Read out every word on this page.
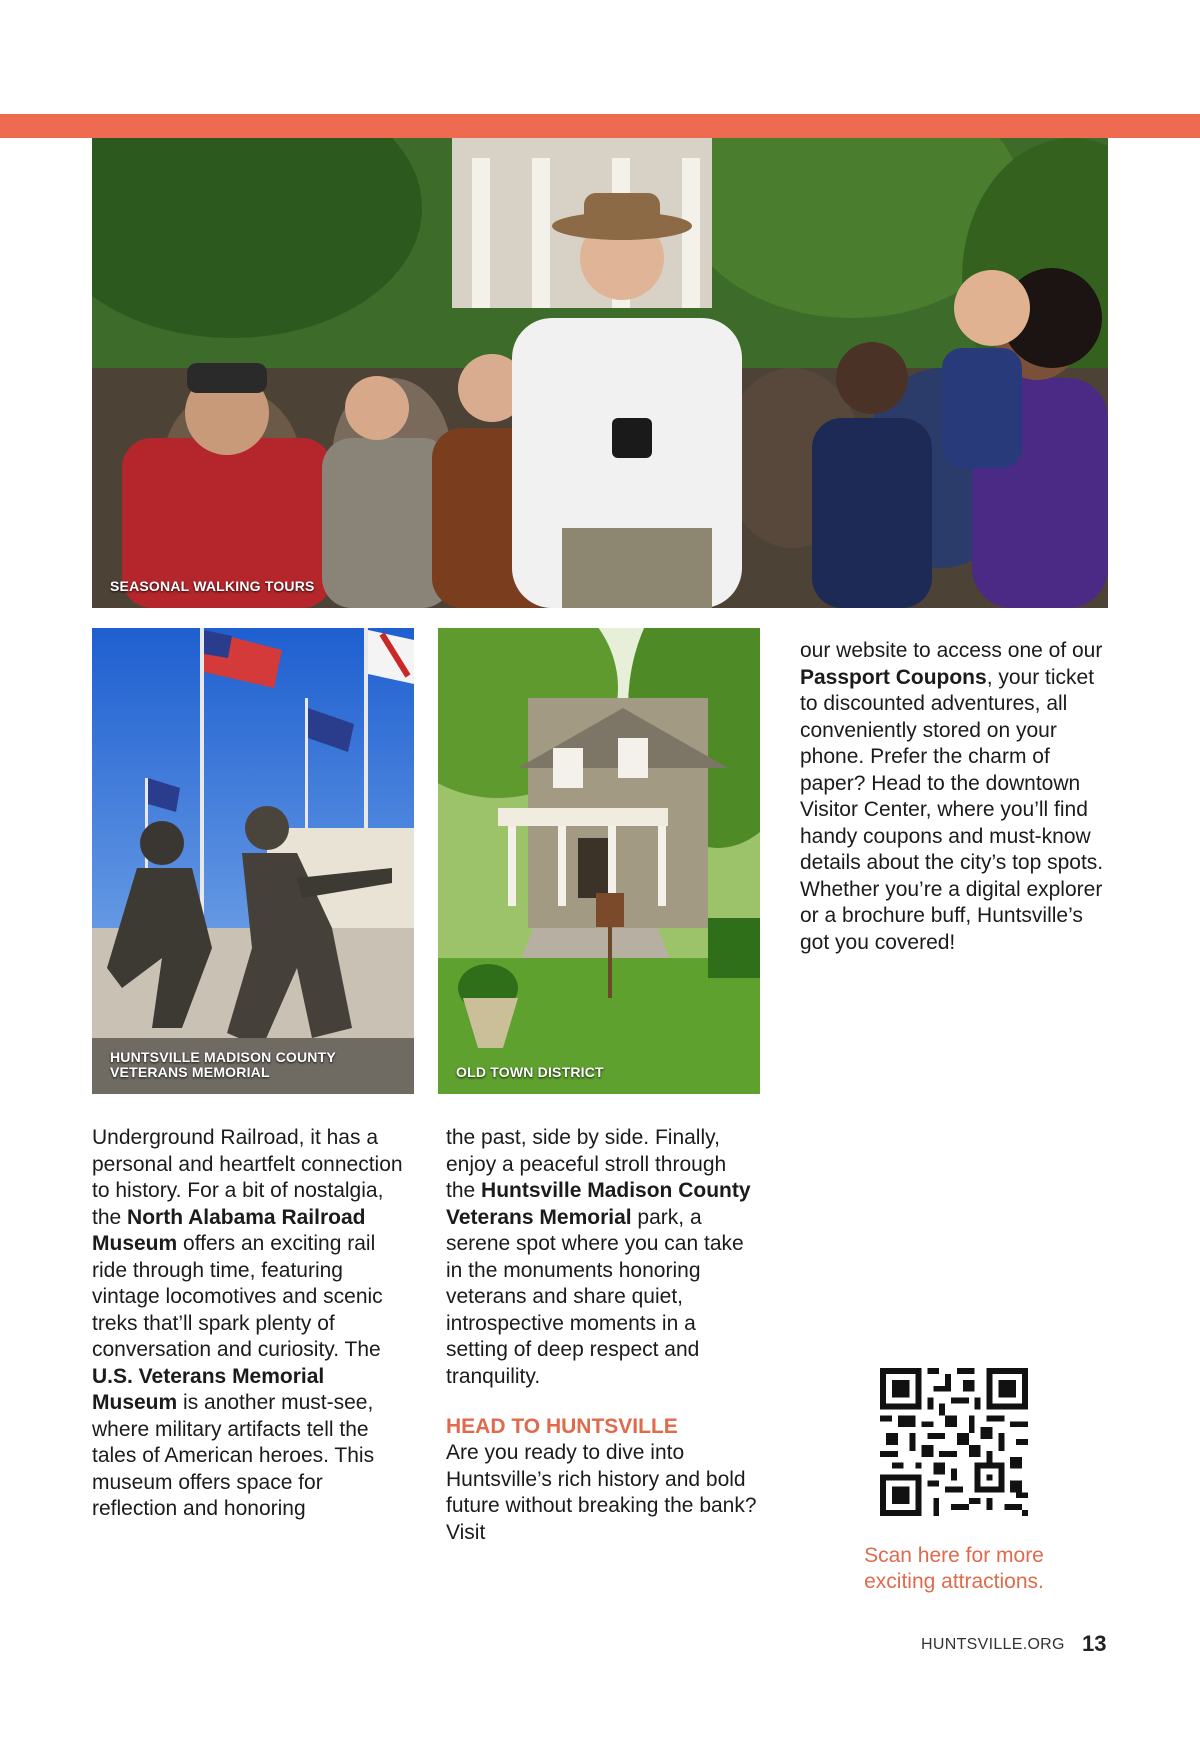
SEASONAL WALKING TOURS
HUNTSVILLE MADISON COUNTY
VETERANS MEMORIAL	OLD TOWN DISTRICT

our website to access one of our Passport Coupons, your ticket to discounted adventures, all conveniently stored on your phone. Prefer the charm of paper? Head to the downtown Visitor Center, where you’ll find handy coupons and must-know details about the city’s top spots. Whether you’re a digital explorer or a brochure buff, Huntsville’s got you covered!

Underground Railroad, it has a personal and heartfelt connection to history. For a bit of nostalgia, the North Alabama Railroad Museum offers an exciting rail ride through time, featuring vintage locomotives and scenic treks that’ll spark plenty of conversation and curiosity. The U.S. Veterans Memorial Museum is another must-see, where military artifacts tell the tales of American heroes. This museum offers space for reflection and honoring

the past, side by side. Finally, enjoy a peaceful stroll through the Huntsville Madison County Veterans Memorial park, a serene spot where you can take in the monuments honoring veterans and share quiet, introspective moments in a setting of deep respect and tranquility.

HEAD TO HUNTSVILLE

Are you ready to dive into Huntsville’s rich history and bold future without breaking the bank? Visit

Scan here for more
exciting attractions.
HUNTSVILLE.ORG 13
